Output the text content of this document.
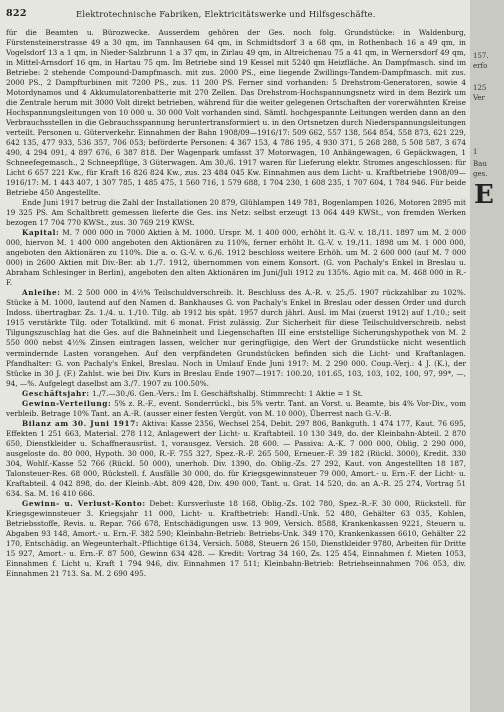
822	Elektrotechnische Fabriken, Elektricitätswerke und Hilfsgeschäfte.

für die Beamten u. Bürozwecke. Ausserdem gehören der Ges. noch folg. Grundstücke: in Waldenburg, Fürstensteinerstrasse 49 a 30 qm, im Tannhausen 64 qm, in Schmidtsdorf 3 a 68 qm, in Rothenbach 16 a 49 qm, in Vogelsdorf 13 a 1 qm, in Nieder-Salzbrunn 1 a 37 qm, in Zirlau 49 qm, in Altreichenau 75 a 41 qm, in Wernersdorf 49 qm, in Mittel-Arnsdorf 16 qm, in Hartau 75 qm. Im Betriebe sind 19 Kessel mit 5240 qm Heizfläche. An Dampfmasch. sind im Betriebe: 2 stehende Compound-Dampfmasch. mit zus. 2000 PS., eine liegende Zwillings-Tandem-Dampfmasch. mit zus. 2000 PS., 2 Dampfturbinen mit 7200 PS., zus. 11 200 PS. Ferner sind vorhanden: 5 Drehstrom-Generatoren, sowie 4 Motordynamos und 4 Akkumulatorenbatterie mit 270 Zellen. Das Drehstrom-Hochspannungsnetz wird in dem Bezirk um die Zentrale herum mit 3000 Volt direkt betrieben, während für die weiter gelegenen Ortschaften der vorerwähnten Kreise Hochspannungsleitungen von 10 000 u. 30 000 Volt vorhanden sind. Sämtl. hochgespannte Leitungen werden dann an den Verbrauchsstellen in die Gebrauchsspannung heruntertransformiert u. in den Ortsnetzen durch Niederspannungsleitungen verteilt. Personen u. Güterverkehr. Einnahmen der Bahn 1908/09—1916/17: 509 662, 557 138, 564 854, 558 873, 621 229, 642 135, 477 933, 536 357, 706 053; beförderte Personen: 4 367 153, 4 786 195, 4 930 371, 5 268 288, 5 508 587, 3 674 490, 4 294 091, 4 897 676, 6 387 818. Der Wagenpark umfasst 37 Motorwagen, 10 Anhängewagen, 6 Gepäckwagen, 1 Schneefegemasch., 2 Schneepflüge, 3 Güterwagen. Am 30./6. 1917 waren für Lieferung elektr. Stromes angeschlossen: für Licht 6 657 221 Kw., für Kraft 16 826 824 Kw., zus. 23 484 045 Kw. Einnahmen aus dem Licht- u. Kraftbetriebe 1908/09—1916/17: M. 1 443 407, 1 307 785, 1 485 475, 1 560 716, 1 579 688, 1 704 230, 1 608 235, 1 707 604, 1 784 946. Für beide Betriebe 450 Angestellte.

Ende Juni 1917 betrug die Zahl der Installationen 20 879, Glühlampen 149 781, Bogenlampen 1026, Motoren 2895 mit 19 325 PS. Am Schaltbrett gemessen lieferte die Ges. ins Netz: selbst erzeugt 13 064 449 KWSt., von fremden Werken bezogen 17 704 770 KWSt., zus. 30 769 219 KWSt.

Kapital: M. 7 000 000 in 7000 Aktien à M. 1000. Urspr. M. 1 400 000, erhöht lt. G.-V. v. 18./11. 1897 um M. 2 000 000, hiervon M. 1 400 000 angeboten den Aktionären zu 110%, ferner erhöht lt. G.-V. v. 19./11. 1898 um M. 1 000 000, angeboten den Aktionären zu 110%. Die a. o. G.-V. v. 6./6. 1912 beschloss weitere Erhöh. um M. 2 600 000 (auf M. 7 000 000) in 2600 Aktien mit Div.-Ber. ab 1./7. 1912, übernommen von einem Konsort. (G. von Pachaly's Enkel in Breslau u. Abraham Schlesinger in Berlin), angeboten den alten Aktionären im Juni/Juli 1912 zu 135%. Agio mit ca. M. 468 000 in R.-F.

Anleihe: M. 2 500 000 in 4½% Teilschuldverschreib. lt. Beschluss des A.-R. v. 25./5. 1907 rückzahlbar zu 102%. Stücke à M. 1000, lautend auf den Namen d. Bankhauses G. von Pachaly's Enkel in Breslau oder dessen Order und durch Indoss. übertragbar. Zs. 1./4. u. 1./10. Tilg. ab 1912 bis spät. 1957 durch jährl. Ausl. im Mai (zuerst 1912) auf 1./10.; seit 1915 verstärkte Tilg. oder Totalkünd. mit 6 monat. Frist zulässig. Zur Sicherheit für diese Teilschuldverschreib. nebst Tilgungszuschlag hat die Ges. auf die Bahneinheit und Liegenschaften III eine erststellige Sicherungshypothek von M. 2 550 000 nebst 4½% Zinsen eintragen lassen, welcher nur geringfügige, den Wert der Grundstücke nicht wesentlich vermindernde Lasten vorangehen. Auf den verpfändeten Grundstücken befinden sich die Licht- und Kraftanlagen. Pfandhalter: G. von Pachaly's Enkel, Breslau. Noch in Umlauf Ende Juni 1917: M. 2 290 000. Coup.-Verj.: 4 J. (K.), der Stücke in 30 J. (F.) Zahlst. wie bei Div. Kurs in Breslau Ende 1907—1917: 100.20, 101.65, 103, 103, 102, 100, 97, 99*, —, 94, —%. Aufgelegt daselbst am 3./7. 1907 zu 100.50%.

Geschäftsjahr: 1./7.—30./6. Gen.-Vers.: Im I. Geschäftshalbj. Stimmrecht: 1 Aktie = 1 St.

Gewinn-Verteilung: 5% z. R.-F., event. Sonderrückl., bis 5% vertr. Tant. an Vorst. u. Beamte, bis 4% Vor-Div., vom verbleib. Betrage 10% Tant. an A.-R. (ausser einer festen Vergüt. von M. 10 000), Überrest nach G.-V.-B.

Bilanz am 30. Juni 1917: Aktiva: Kasse 2356, Wechsel 254, Debit. 297 806, Bankguth. 1 474 177, Kaut. 76 695, Effekten 1 251 663, Material. 278 112, Anlagewert der Licht- u. Kraftabteil. 10 130 349, do. der Kleinbahn-Abteil. 2 870 650, Dienstkleider u. Schaffnerausrüst. 1, vorausgez. Versich. 28 600. — Passiva: A.-K. 7 000 000, Oblig. 2 290 000, ausgeloste do. 80 000, Hypoth. 30 000, R.-F. 755 327, Spez.-R.-F. 265 500, Erneuer.-F. 39 182 (Rückl. 3000), Kredit. 330 304, Wohlf.-Kasse 52 766 (Rückl. 50 000), unerhob. Div. 1390, do. Oblig.-Zs. 27 292, Kaut. von Angestellten 18 187, Talonsteuer-Res. 68 000, Rückstell. f. Ausfälle 30 000, do. für Kriegsgewinnsteuer 79 000, Amort.- u. Ern.-F. der Licht- u. Kraftabteil. 4 042 898, do. der Kleinb.-Abt. 809 428, Div. 490 000, Tant. u. Grat. 14 520, do. an A.-R. 25 274, Vortrag 51 634. Sa. M. 16 410 666.

Gewinn- u. Verlust-Konto: Debet: Kursverluste 18 168, Oblig.-Zs. 102 780, Spez.-R.-F. 30 000, Rückstell. für Kriegsgewinnsteuer 3. Kriegsjahr 11 000, Licht- u. Kraftbetrieb: Handl.-Unk. 52 480, Gehälter 63 035, Kohlen, Betriebsstoffe, Revis. u. Repar. 766 678, Entschädigungen usw. 13 909, Versich. 8588, Krankenkassen 9221, Steuern u. Abgaben 93 148, Amort.- u. Ern.-F. 382 590; Kleinbahn-Betrieb: Betriebs-Unk. 349 170, Krankenkassen 6610, Gehälter 22 170, Entschädig. an Wegeunterhalt.-Pflichtige 6134, Versich. 5088, Steuern 26 150, Dienstkleider 9780, Arbeiten für Dritte 15 927, Amort.- u. Ern.-F. 87 500, Gewinn 634 428. — Kredit: Vortrag 34 160, Zs. 125 454, Einnahmen f. Mieten 1053, Einnahmen f. Licht u. Kraft 1 794 946, div. Einnahmen 17 511; Kleinbahn-Betrieb: Betriebseinnahmen 706 053, div. Einnahmen 21 713. Sa. M. 2 690 495.

157.
erfo
125
Ver
1
Bau
ges.
E
